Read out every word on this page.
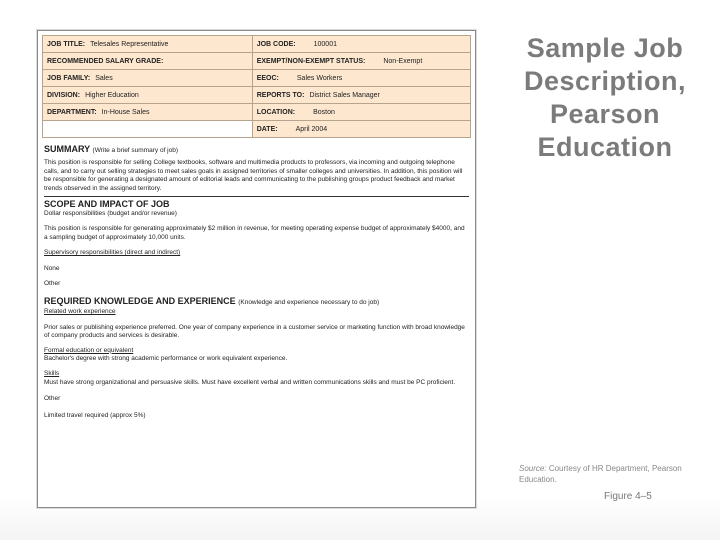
JOB TITLE: Telesales Representative	JOB CODE: 100001
RECOMMENDED SALARY GRADE:	EXEMPT/NON-EXEMPT STATUS: Non-Exempt
JOB FAMILY: Sales	EEOC: Sales Workers
DIVISION: Higher Education	REPORTS TO: District Sales Manager
DEPARTMENT: In-House Sales	LOCATION: Boston
	DATE: April 2004
SUMMARY (Write a brief summary of job)
This position is responsible for selling College textbooks, software and multimedia products to professors, via incoming and outgoing telephone calls, and to carry out selling strategies to meet sales goals in assigned territories of smaller colleges and universities. In addition, this position will be responsible for generating a designated amount of editorial leads and communicating to the publishing groups product feedback and market trends observed in the assigned territory.
SCOPE AND IMPACT OF JOB
Dollar responsibilities (budget and/or revenue)
This position is responsible for generating approximately $2 million in revenue, for meeting operating expense budget of approximately $4000, and a sampling budget of approximately 10,000 units.
Supervisory responsibilities (direct and indirect)
None
Other
REQUIRED KNOWLEDGE AND EXPERIENCE (Knowledge and experience necessary to do job)
Related work experience
Prior sales or publishing experience preferred. One year of company experience in a customer service or marketing function with broad knowledge of company products and services is desirable.
Formal education or equivalent
Bachelor's degree with strong academic performance or work equivalent experience.
Skills
Must have strong organizational and persuasive skills. Must have excellent verbal and written communications skills and must be PC proficient.
Other
Limited travel required (approx 5%)
Sample Job
Description,
Pearson
Education
Source: Courtesy of HR Department, Pearson Education.
Figure 4–5
